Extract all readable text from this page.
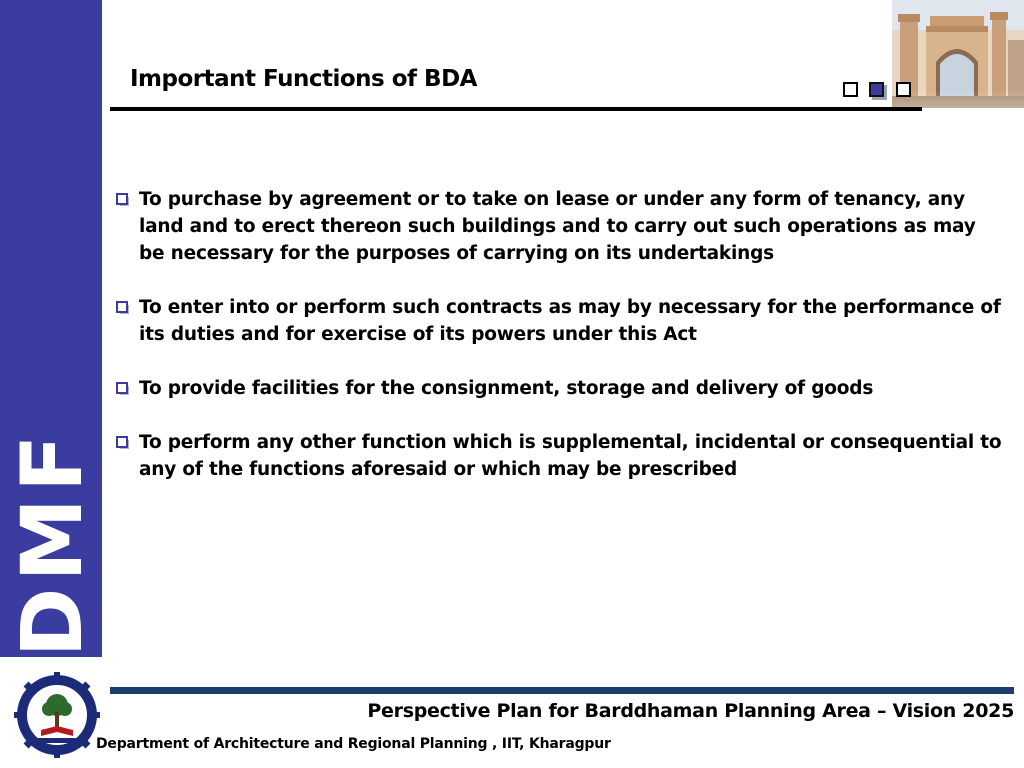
DMF
Important Functions of BDA
To purchase by agreement or to take on lease or under any form of tenancy, any land and to erect thereon such buildings and to carry out such operations as may be necessary for the purposes of carrying on its undertakings
To enter into or perform such contracts as may by necessary for the performance of its duties and for exercise of its powers under this Act
To provide facilities for the consignment, storage and delivery of goods
To perform any other function which is supplemental, incidental or consequential to any of the functions aforesaid or which may be prescribed
Perspective Plan for Barddhaman Planning Area – Vision 2025
Department of Architecture and Regional Planning , IIT, Kharagpur
